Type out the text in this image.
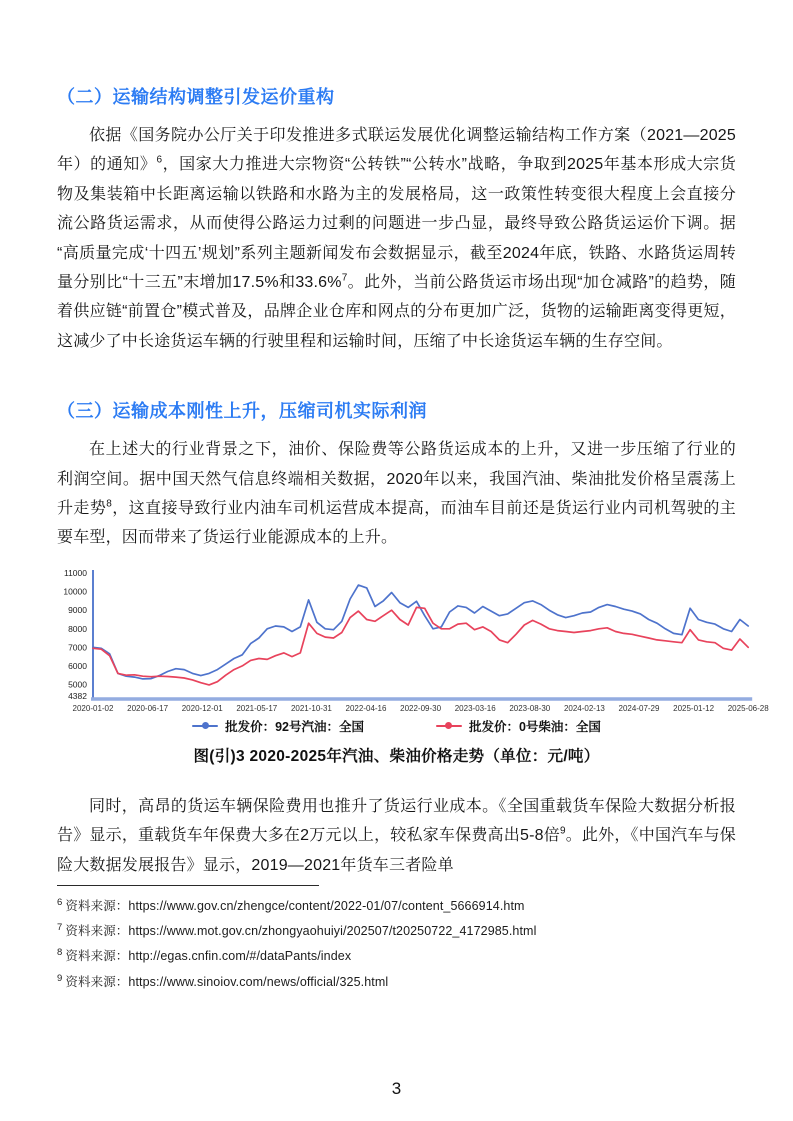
（二）运输结构调整引发运价重构

依据《国务院办公厅关于印发推进多式联运发展优化调整运输结构工作方案（2021—2025年）的通知》$^6$，国家大力推进大宗物资“公转铁”“公转水”战略，争取到2025年基本形成大宗货物及集装箱中长距离运输以铁路和水路为主的发展格局，这一政策性转变很大程度上会直接分流公路货运需求，从而使得公路运力过剩的问题进一步凸显，最终导致公路货运运价下调。据“高质量完成‘十四五’规划”系列主题新闻发布会数据显示，截至2024年底，铁路、水路货运周转量分别比“十三五”末增加17.5%和33.6%$^7$。此外，当前公路货运市场出现“加仓减路”的趋势，随着供应链“前置仓”模式普及，品牌企业仓库和网点的分布更加广泛，货物的运输距离变得更短，这减少了中长途货运车辆的行驶里程和运输时间，压缩了中长途货运车辆的生存空间。

（三）运输成本刚性上升，压缩司机实际利润

在上述大的行业背景之下，油价、保险费等公路货运成本的上升，又进一步压缩了行业的利润空间。据中国天然气信息终端相关数据，2020年以来，我国汽油、柴油批发价格呈震荡上升走势$^8$，这直接导致行业内油车司机运营成本提高，而油车目前还是货运行业内司机驾驶的主要车型，因而带来了货运行业能源成本的上升。

11000
10000
9000
8000
7000
6000
5000
4382
2020-01-02 2020-06-17 2020-12-01 2021-05-17 2021-10-31 2022-04-16 2022-09-30 2023-03-16 2023-08-30 2024-02-13 2024-07-29 2025-01-12 2025-06-28
批发价：92号汽油：全国	批发价：0号柴油：全国
图(引)3 2020-2025年汽油、柴油价格走势（单位：元/吨）

同时，高昂的货运车辆保险费用也推升了货运行业成本。《全国重载货车保险大数据分析报告》显示，重载货车年保费大多在2万元以上，较私家车保费高出5-8倍$^9$。此外，《中国汽车与保险大数据发展报告》显示，2019—2021年货车三者险单

$^6$ 资料来源：https://www.gov.cn/zhengce/content/2022-01/07/content_5666914.htm
$^7$ 资料来源：https://www.mot.gov.cn/zhongyaohuiyi/202507/t20250722_4172985.html
$^8$ 资料来源：http://egas.cnfin.com/#/dataPants/index
$^9$ 资料来源：https://www.sinoiov.com/news/official/325.html
3
